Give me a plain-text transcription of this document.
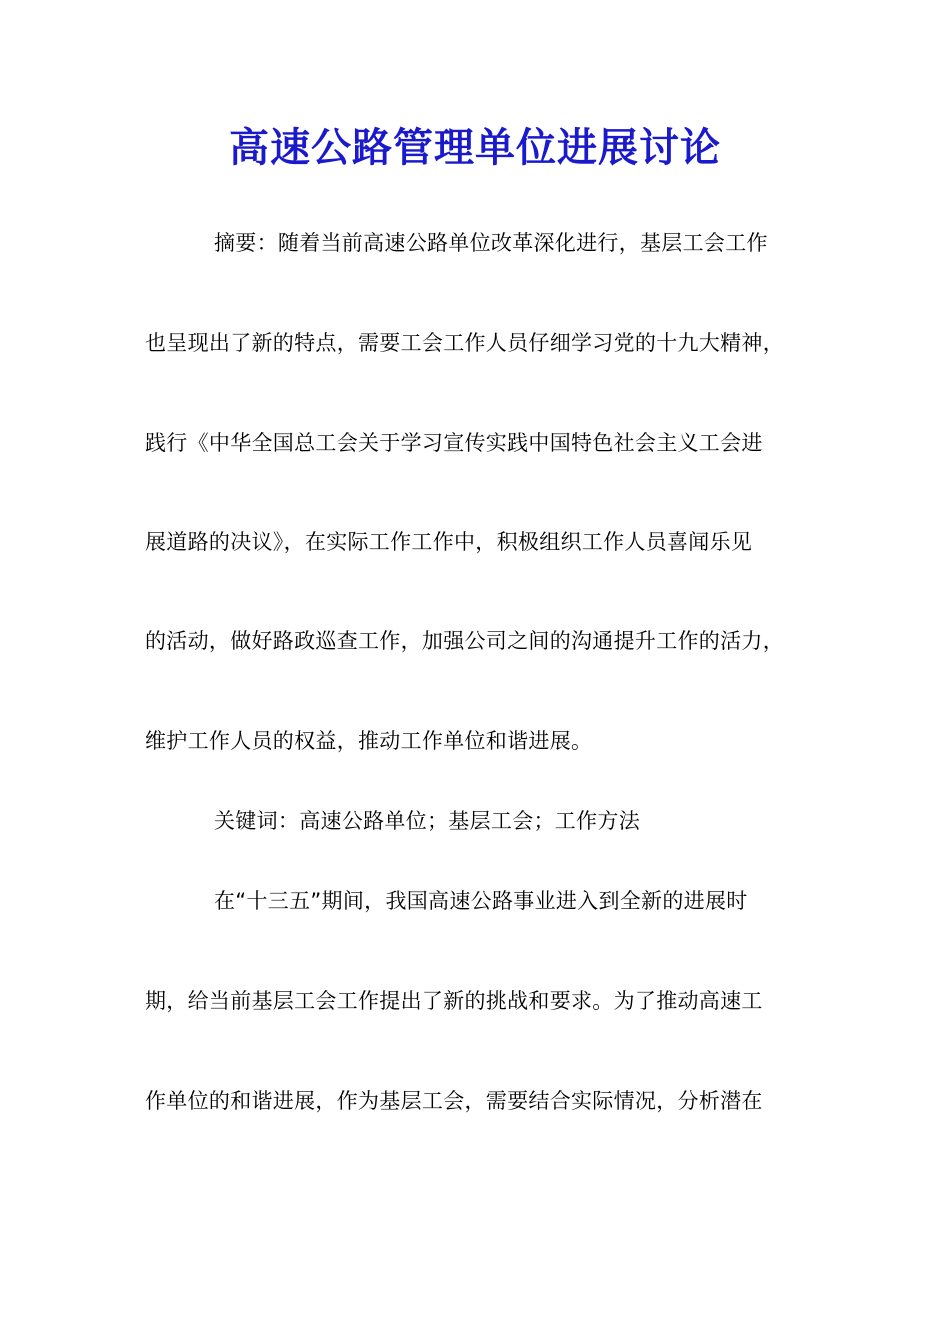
高速公路管理单位进展讨论
摘要：随着当前高速公路单位改革深化进行，基层工会工作
也呈现出了新的特点，需要工会工作人员仔细学习党的十九大精神，
践行《中华全国总工会关于学习宣传实践中国特色社会主义工会进
展道路的决议》，在实际工作工作中，积极组织工作人员喜闻乐见
的活动，做好路政巡查工作，加强公司之间的沟通提升工作的活力，
维护工作人员的权益，推动工作单位和谐进展。
关键词：高速公路单位；基层工会；工作方法
在“十三五”期间，我国高速公路事业进入到全新的进展时
期，给当前基层工会工作提出了新的挑战和要求。为了推动高速工
作单位的和谐进展，作为基层工会，需要结合实际情况，分析潜在
